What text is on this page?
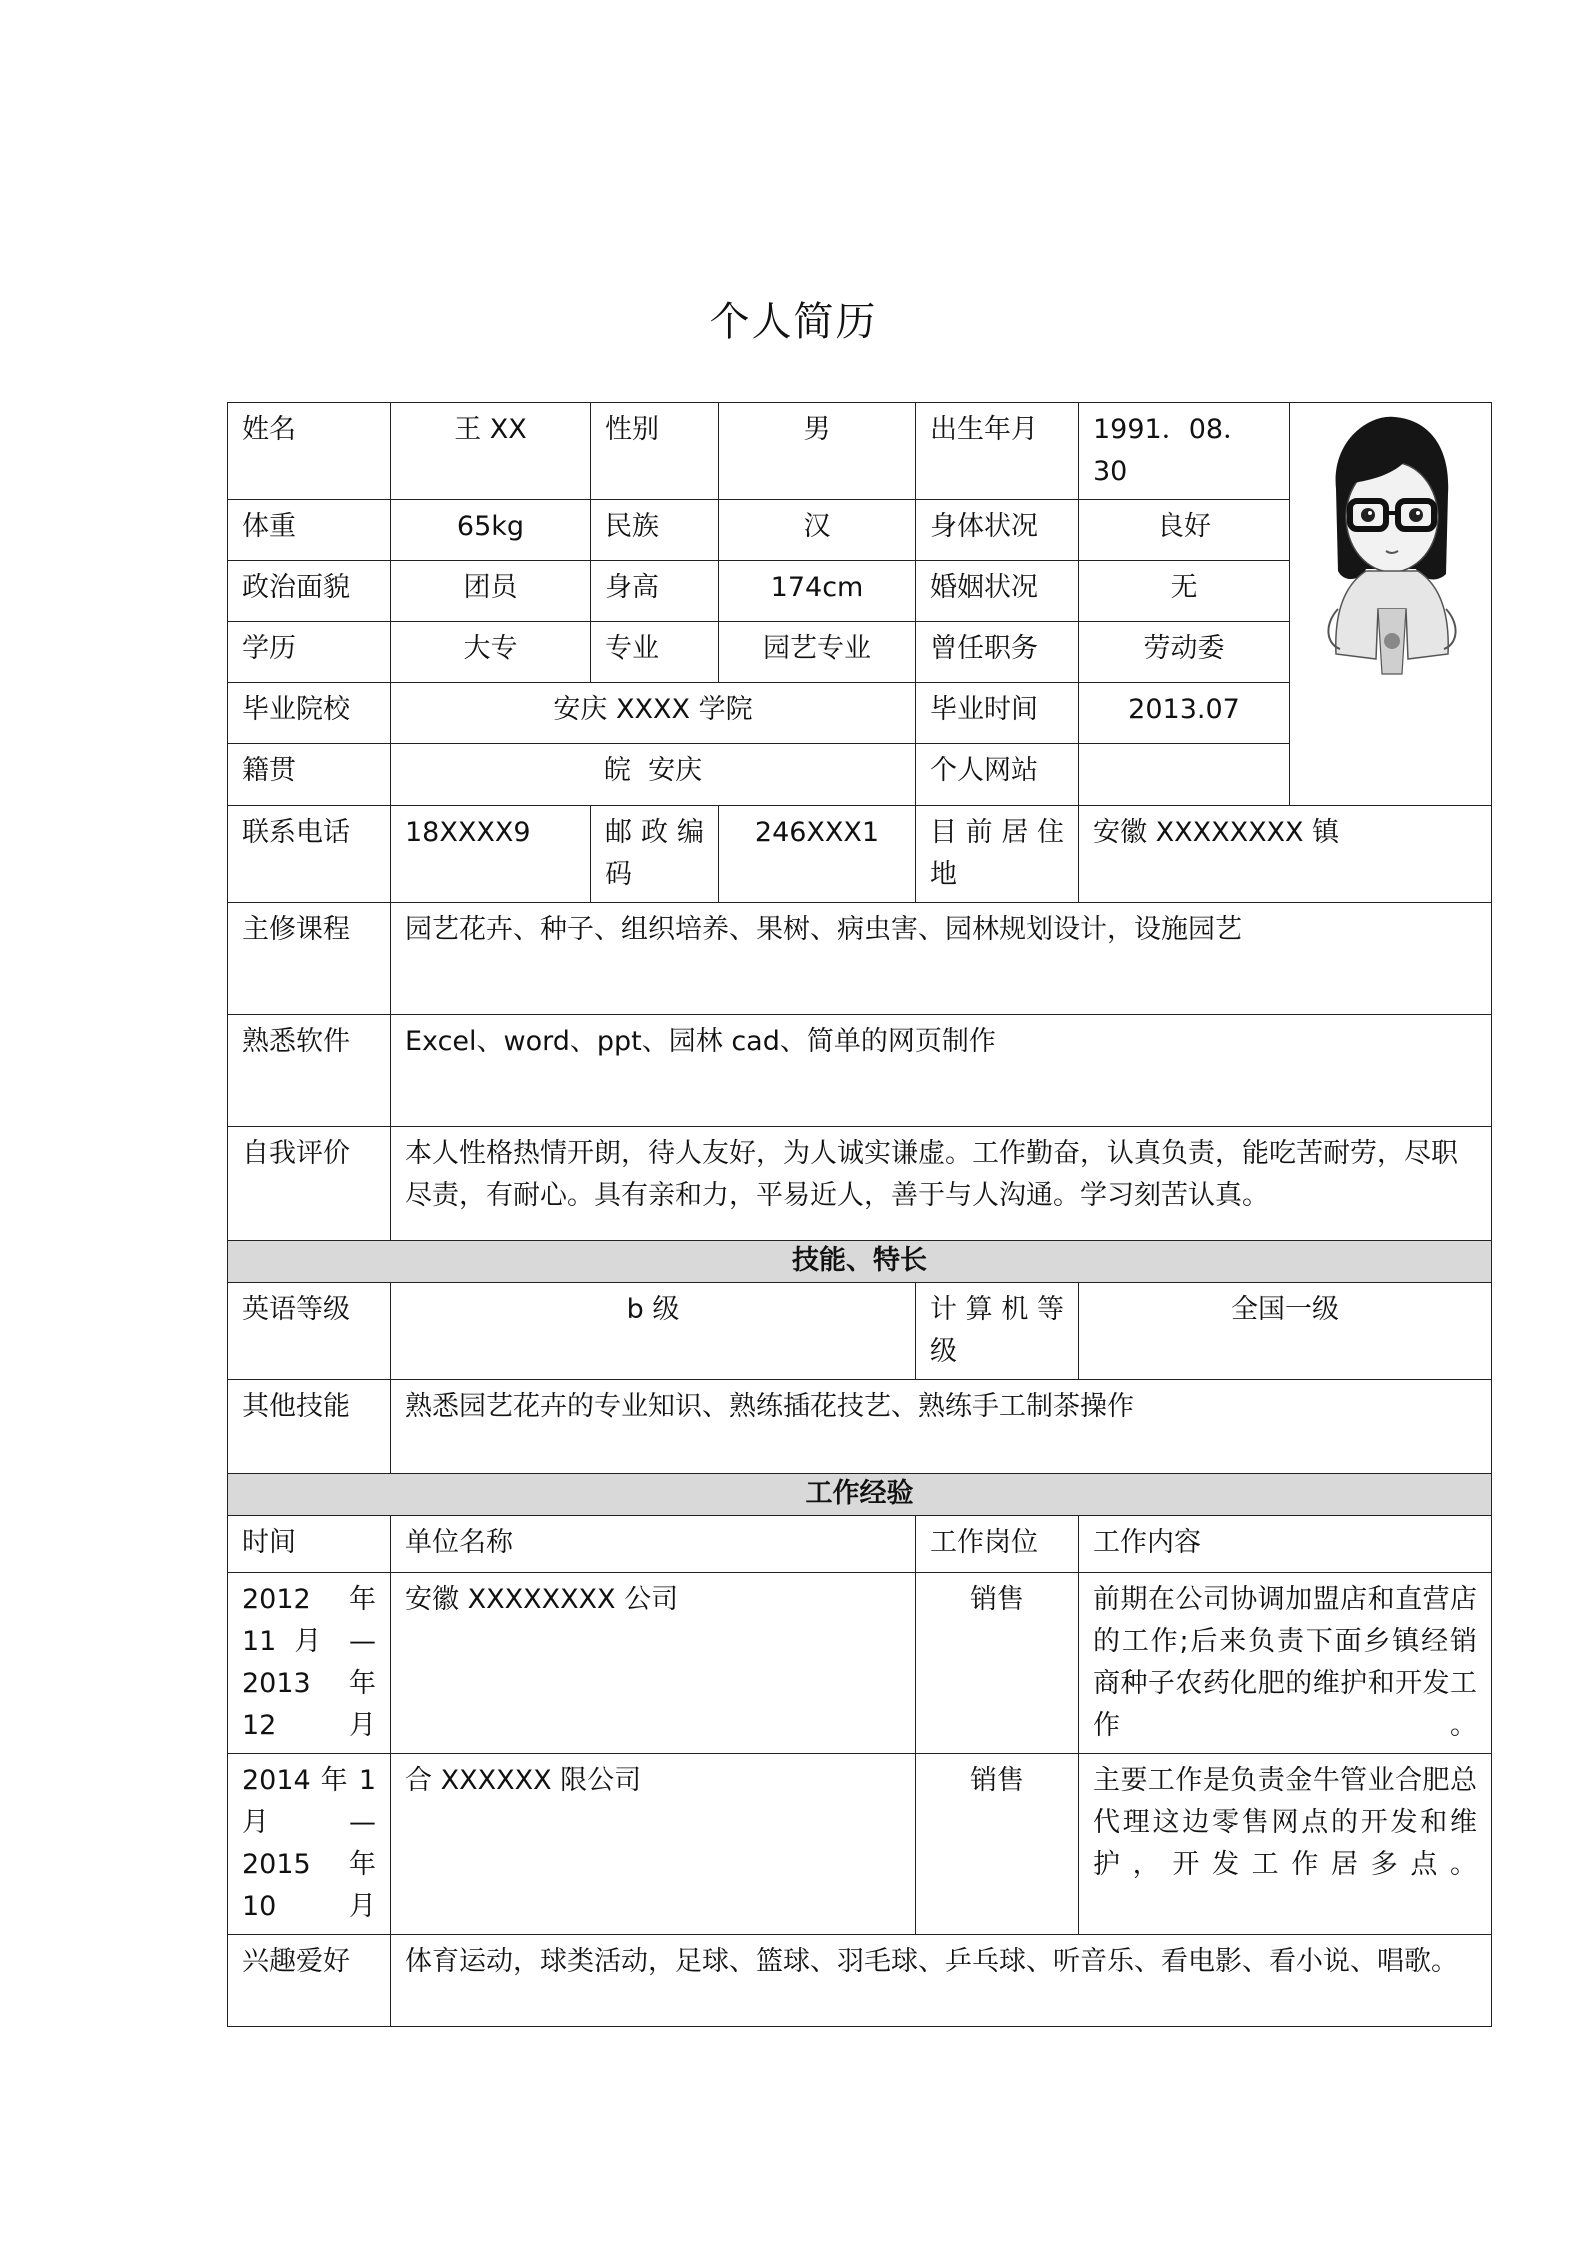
个人简历
姓名	王 XX	性别	男	出生年月	1991．08．30	

体重	65kg	民族	汉	身体状况	良好	
政治面貌	团员	身高	174cm	婚姻状况	无	
学历	大专	专业	园艺专业	曾任职务	劳动委	
毕业院校	安庆 XXXX 学院			毕业时间	2013.07	
籍贯	皖  安庆			个人网站		
联系电话	18XXXX9	邮 政 编 码	246XXX1	目 前 居 住 地	安徽 XXXXXXXX 镇	
主修课程	园艺花卉、种子、组织培养、果树、病虫害、园林规划设计，设施园艺					
熟悉软件	Excel、word、ppt、园林 cad、简单的网页制作					
自我评价	本人性格热情开朗，待人友好，为人诚实谦虚。工作勤奋，认真负责，能吃苦耐劳，尽职尽责，有耐心。具有亲和力，平易近人，善于与人沟通。学习刻苦认真。					
技能、特长						
英语等级	b 级			计 算 机 等 级	全国一级	
其他技能	熟悉园艺花卉的专业知识、熟练插花技艺、熟练手工制茶操作					
工作经验						
时间	单位名称			工作岗位	工作内容	
2012 年 11 月 — 2013 年 12 月	安徽 XXXXXXXX 公司			销售	前期在公司协调加盟店和直营店的工作;后来负责下面乡镇经销商种子农药化肥的维护和开发工作。	
2014 年 1 月 — 2015 年 10 月	合 XXXXXX 限公司			销售	主要工作是负责金牛管业合肥总代理这边零售网点的开发和维护，开发工作居多点。	
兴趣爱好	体育运动，球类活动，足球、篮球、羽毛球、乒乓球、听音乐、看电影、看小说、唱歌。					
